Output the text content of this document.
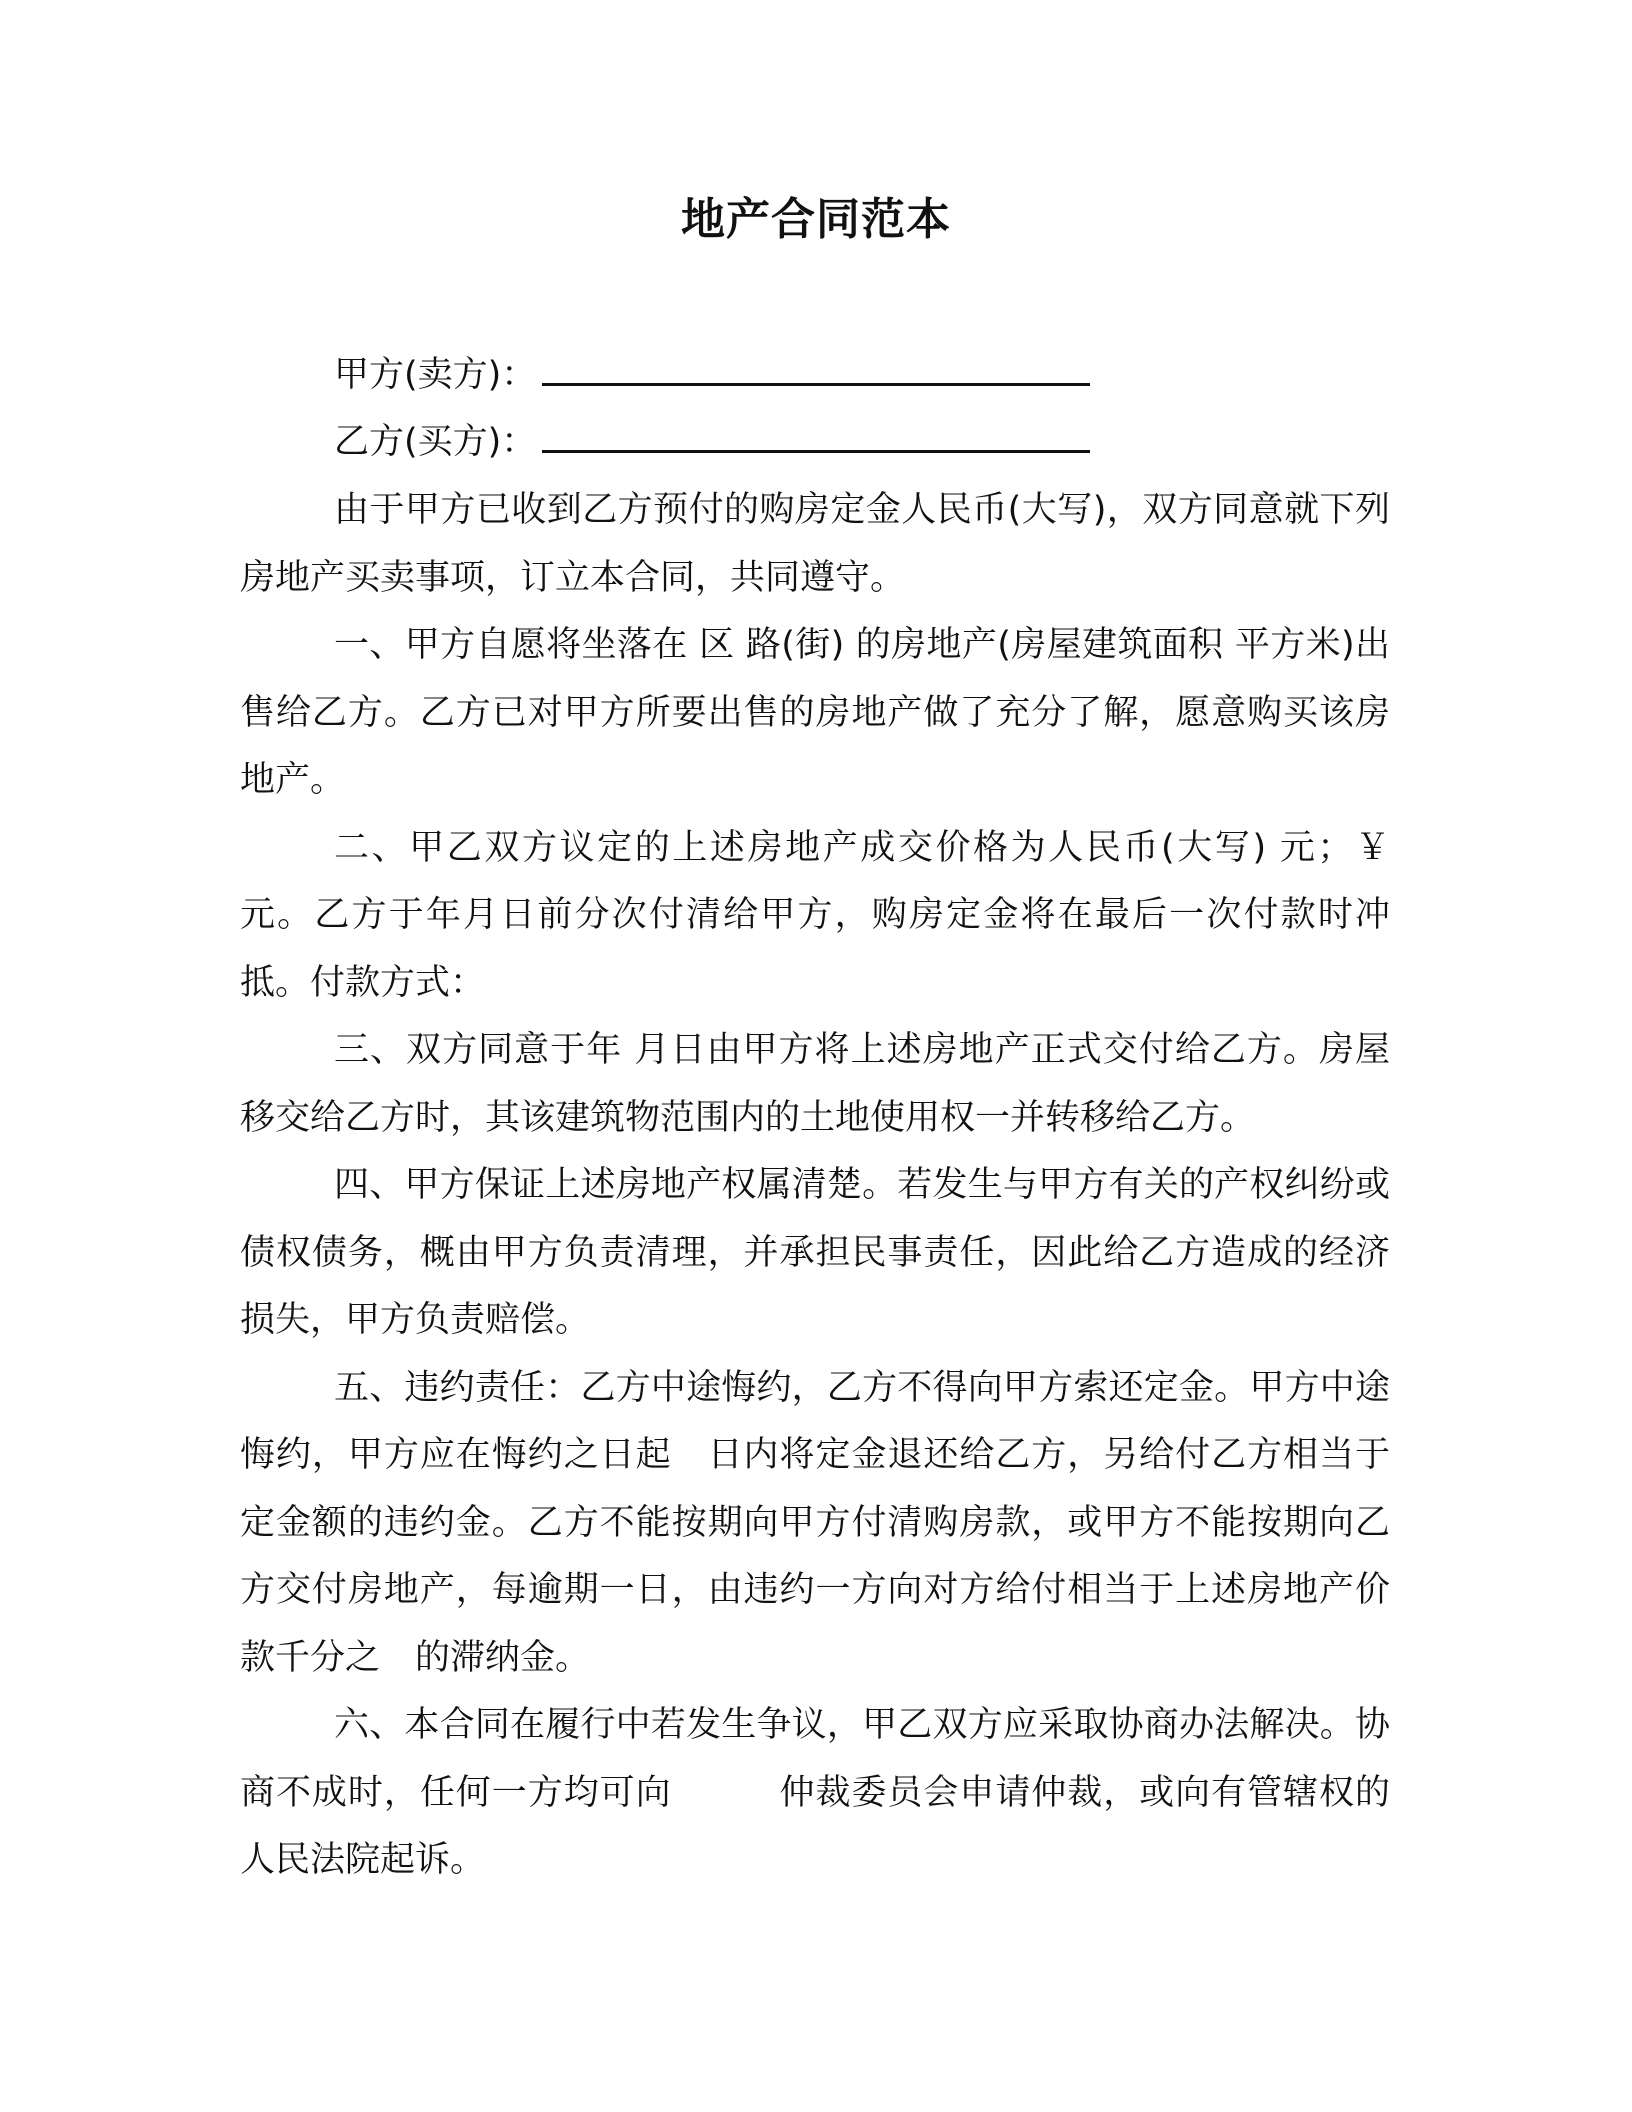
地产合同范本
甲方(卖方)：
乙方(买方)：

由于甲方已收到乙方预付的购房定金人民币(大写)，双方同意就下列房地产买卖事项，订立本合同，共同遵守。

一、甲方自愿将坐落在 区 路(街) 的房地产(房屋建筑面积 平方米)出售给乙方。乙方已对甲方所要出售的房地产做了充分了解，愿意购买该房地产。

二、甲乙双方议定的上述房地产成交价格为人民币(大写) 元；￥ 元。乙方于年月日前分次付清给甲方，购房定金将在最后一次付款时冲抵。付款方式：

三、双方同意于年 月日由甲方将上述房地产正式交付给乙方。房屋移交给乙方时，其该建筑物范围内的土地使用权一并转移给乙方。

四、甲方保证上述房地产权属清楚。若发生与甲方有关的产权纠纷或债权债务，概由甲方负责清理，并承担民事责任，因此给乙方造成的经济损失，甲方负责赔偿。

五、违约责任：乙方中途悔约，乙方不得向甲方索还定金。甲方中途悔约，甲方应在悔约之日起　日内将定金退还给乙方，另给付乙方相当于定金额的违约金。乙方不能按期向甲方付清购房款，或甲方不能按期向乙方交付房地产，每逾期一日，由违约一方向对方给付相当于上述房地产价款千分之　的滞纳金。

六、本合同在履行中若发生争议，甲乙双方应采取协商办法解决。协商不成时，任何一方均可向　　　仲裁委员会申请仲裁，或向有管辖权的人民法院起诉。
